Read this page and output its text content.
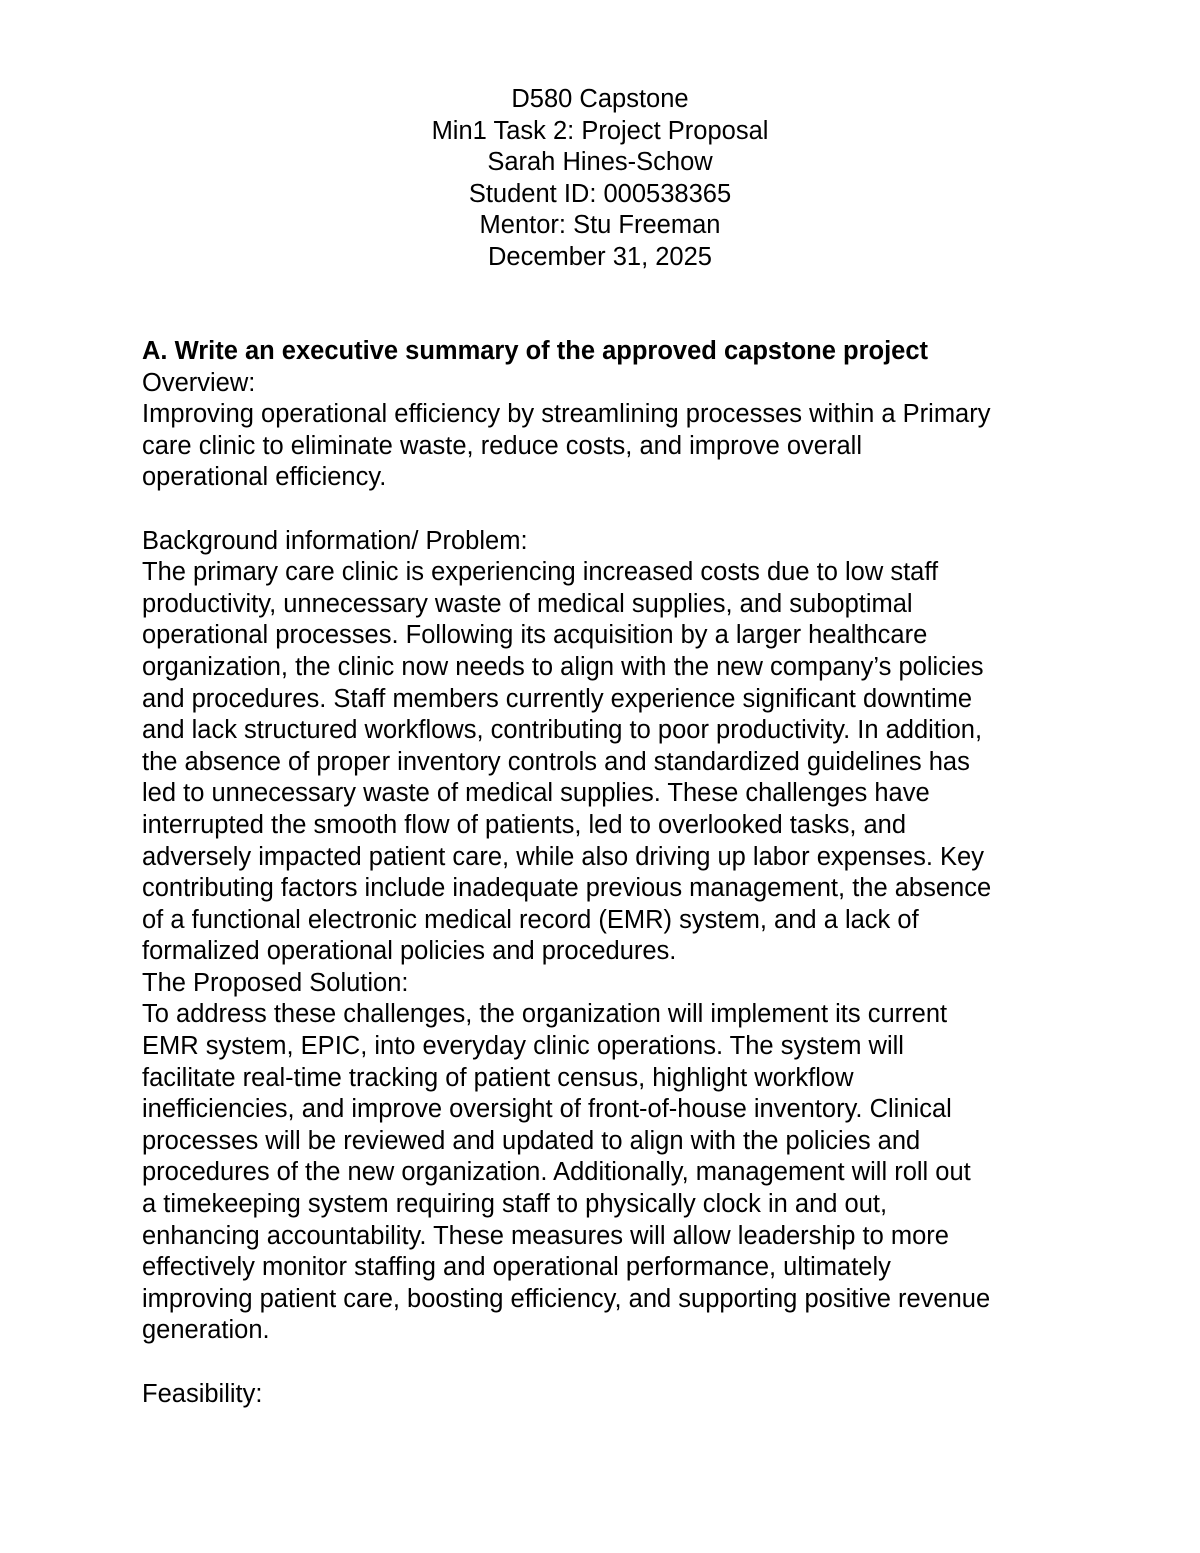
D580 Capstone
Min1 Task 2: Project Proposal
Sarah Hines-Schow
Student ID: 000538365
Mentor: Stu Freeman
December 31, 2025
A. Write an executive summary of the approved capstone project
Overview:
Improving operational efficiency by streamlining processes within a Primary
care clinic to eliminate waste, reduce costs, and improve overall
operational efficiency.
Background information/ Problem:
The primary care clinic is experiencing increased costs due to low staff
productivity, unnecessary waste of medical supplies, and suboptimal
operational processes. Following its acquisition by a larger healthcare
organization, the clinic now needs to align with the new company’s policies
and procedures. Staff members currently experience significant downtime
and lack structured workflows, contributing to poor productivity. In addition,
the absence of proper inventory controls and standardized guidelines has
led to unnecessary waste of medical supplies. These challenges have
interrupted the smooth flow of patients, led to overlooked tasks, and
adversely impacted patient care, while also driving up labor expenses. Key
contributing factors include inadequate previous management, the absence
of a functional electronic medical record (EMR) system, and a lack of
formalized operational policies and procedures.
The Proposed Solution:
To address these challenges, the organization will implement its current
EMR system, EPIC, into everyday clinic operations. The system will
facilitate real-time tracking of patient census, highlight workflow
inefficiencies, and improve oversight of front-of-house inventory. Clinical
processes will be reviewed and updated to align with the policies and
procedures of the new organization. Additionally, management will roll out
a timekeeping system requiring staff to physically clock in and out,
enhancing accountability. These measures will allow leadership to more
effectively monitor staffing and operational performance, ultimately
improving patient care, boosting efficiency, and supporting positive revenue
generation.
Feasibility:
